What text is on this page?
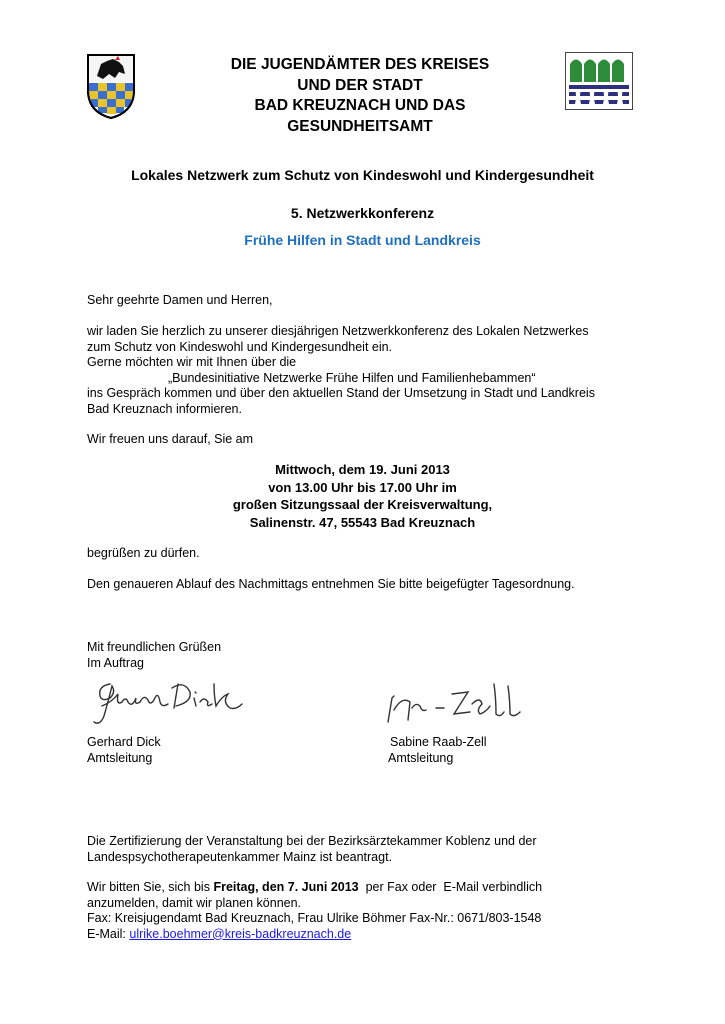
DIE JUGENDÄMTER DES KREISES
UND DER STADT
BAD KREUZNACH UND DAS
GESUNDHEITSAMT
Lokales Netzwerk zum Schutz von Kindeswohl und Kindergesundheit
5. Netzwerkkonferenz
Frühe Hilfen in Stadt und Landkreis
Sehr geehrte Damen und Herren,
wir laden Sie herzlich zu unserer diesjährigen Netzwerkkonferenz des Lokalen Netzwerkes
zum Schutz von Kindeswohl und Kindergesundheit ein.
Gerne möchten wir mit Ihnen über die
„Bundesinitiative Netzwerke Frühe Hilfen und Familienhebammen“
ins Gespräch kommen und über den aktuellen Stand der Umsetzung in Stadt und Landkreis
Bad Kreuznach informieren.
Wir freuen uns darauf, Sie am
Mittwoch, dem 19. Juni 2013
von 13.00 Uhr bis 17.00 Uhr im
großen Sitzungssaal der Kreisverwaltung,
Salinenstr. 47, 55543 Bad Kreuznach
begrüßen zu dürfen.
Den genaueren Ablauf des Nachmittags entnehmen Sie bitte beigefügter Tagesordnung.
Mit freundlichen Grüßen
Im Auftrag
Gerhard Dick
Amtsleitung
Sabine Raab-Zell
Amtsleitung
Die Zertifizierung der Veranstaltung bei der Bezirksärztekammer Koblenz und der
Landespsychotherapeutenkammer Mainz ist beantragt.
Wir bitten Sie, sich bis Freitag, den 7. Juni 2013  per Fax oder  E-Mail verbindlich
anzumelden, damit wir planen können.
Fax: Kreisjugendamt Bad Kreuznach, Frau Ulrike Böhmer Fax-Nr.: 0671/803-1548
E-Mail: ulrike.boehmer@kreis-badkreuznach.de
